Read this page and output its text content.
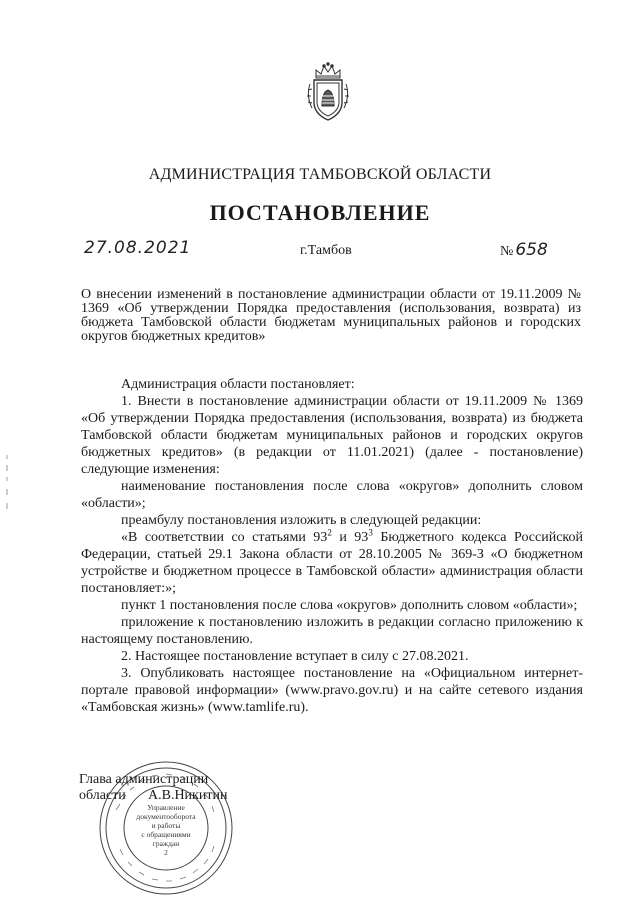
АДМИНИСТРАЦИЯ ТАМБОВСКОЙ ОБЛАСТИ
ПОСТАНОВЛЕНИЕ
27.08.2021	г.Тамбов	№ 658
О внесении изменений в постановление администрации области от 19.11.2009 № 1369 «Об утверждении Порядка предоставления (использования, возврата) из бюджета Тамбовской области бюджетам муниципальных районов и городских округов бюджетных кредитов»

Администрация области постановляет:

1. Внести в постановление администрации области от 19.11.2009 № 1369 «Об утверждении Порядка предоставления (использования, возврата) из бюджета Тамбовской области бюджетам муниципальных районов и городских округов бюджетных кредитов» (в редакции от 11.01.2021) (далее - постановление) следующие изменения:

наименование постановления после слова «округов» дополнить словом «области»;

преамбулу постановления изложить в следующей редакции:

«В соответствии со статьями $93^2$ и $93^3$ Бюджетного кодекса Российской Федерации, статьей 29.1 Закона области от 28.10.2005 № 369-З «О бюджетном устройстве и бюджетном процессе в Тамбовской области» администрация области постановляет:»;

пункт 1 постановления после слова «округов» дополнить словом «области»;

приложение к постановлению изложить в редакции согласно приложению к настоящему постановлению.

2. Настоящее постановление вступает в силу с 27.08.2021.

3. Опубликовать настоящее постановление на «Официальном интернет-портале правовой информации» (www.pravo.gov.ru) и на сайте сетевого издания «Тамбовская жизнь» (www.tamlife.ru).

Управление
документооборота
и работы
с обращениями
граждан
2
Глава администрации
области	А.В.Никитин
